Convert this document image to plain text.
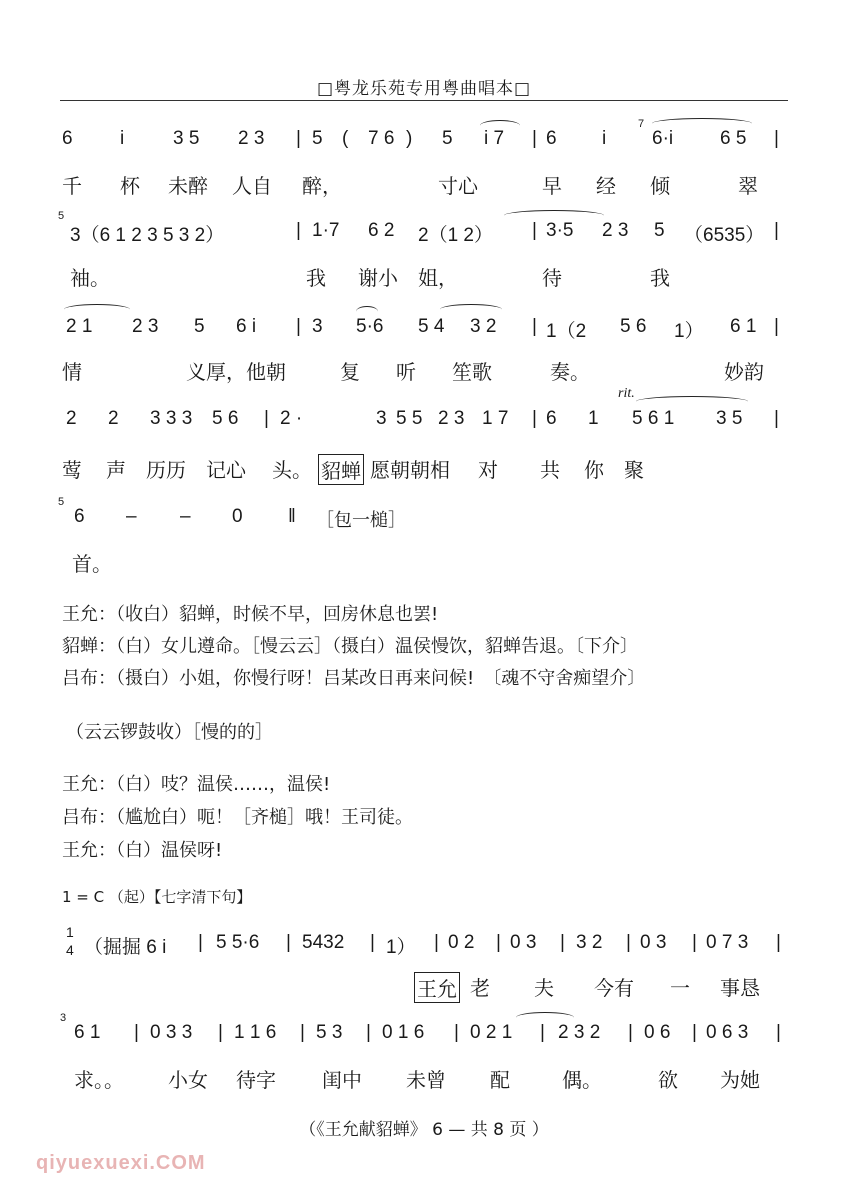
□粤龙乐苑专用粤曲唱本□
6 i	3 5 2 3 | 5 ( 7 6 ) 5 i 7 | 6 i
7
6·i 6 5 |
千 杯 未醉 人自 醉，	寸心	早 经 倾	翠
5
3（6 1 2 3 5 3 2）	| 1·7 6 2 2（1 2） | 3·5 2 3 5 （6535） |
袖。	我 谢小 姐，	待	我
2 1 2 3 5 6 i | 3 5·6 5 4 3 2 | 1（2 5 6 1） 6 1 |
情	义厚，他朝	复 听 笙歌	奏。	妙韵
2 2 3 3 3 5 6 | 2 ·	3 5 5 2 3 1 7 | 6 1 5 6 1 3 5 |
rit.
莺 声 历历 记心 头。 貂蝉 愿朝朝相 对 共 你 聚
5
6 – – 0 ‖ ［包一槌］
首。
王允：（收白）貂蝉，时候不早，回房休息也罢!
貂蝉：（白）女儿遵命。［慢云云］（摄白）温侯慢饮，貂蝉告退。〔下介〕
吕布：（摄白）小姐，你慢行呀！吕某改日再来问候!　〔魂不守舍痴望介〕
（云云锣鼓收）［慢的的］
王允：（白）吱？温侯……，温侯!
吕布：（尴尬白）呃！［齐槌］哦！王司徒。
王允：（白）温侯呀!
1 = C （起）【七字清下句】
1
4 （掘掘 6 i | 5 5·6 | 5432 | 1） | 0 2 | 0 3 | 3 2 | 0 3 | 0 7 3 |
王允 老 夫 今有 一 事恳
3
6 1 | 0 3 3 | 1 1 6 | 5 3 | 0 1 6 | 0 2 1 | 2 3 2 | 0 6 | 0 6 3 |
求。。 小女 待字 闺中 未曾 配	偶。	欲 为她
（《王允献貂蝉》 6 — 共 8 页 ）
qiyuexuexi.COM
